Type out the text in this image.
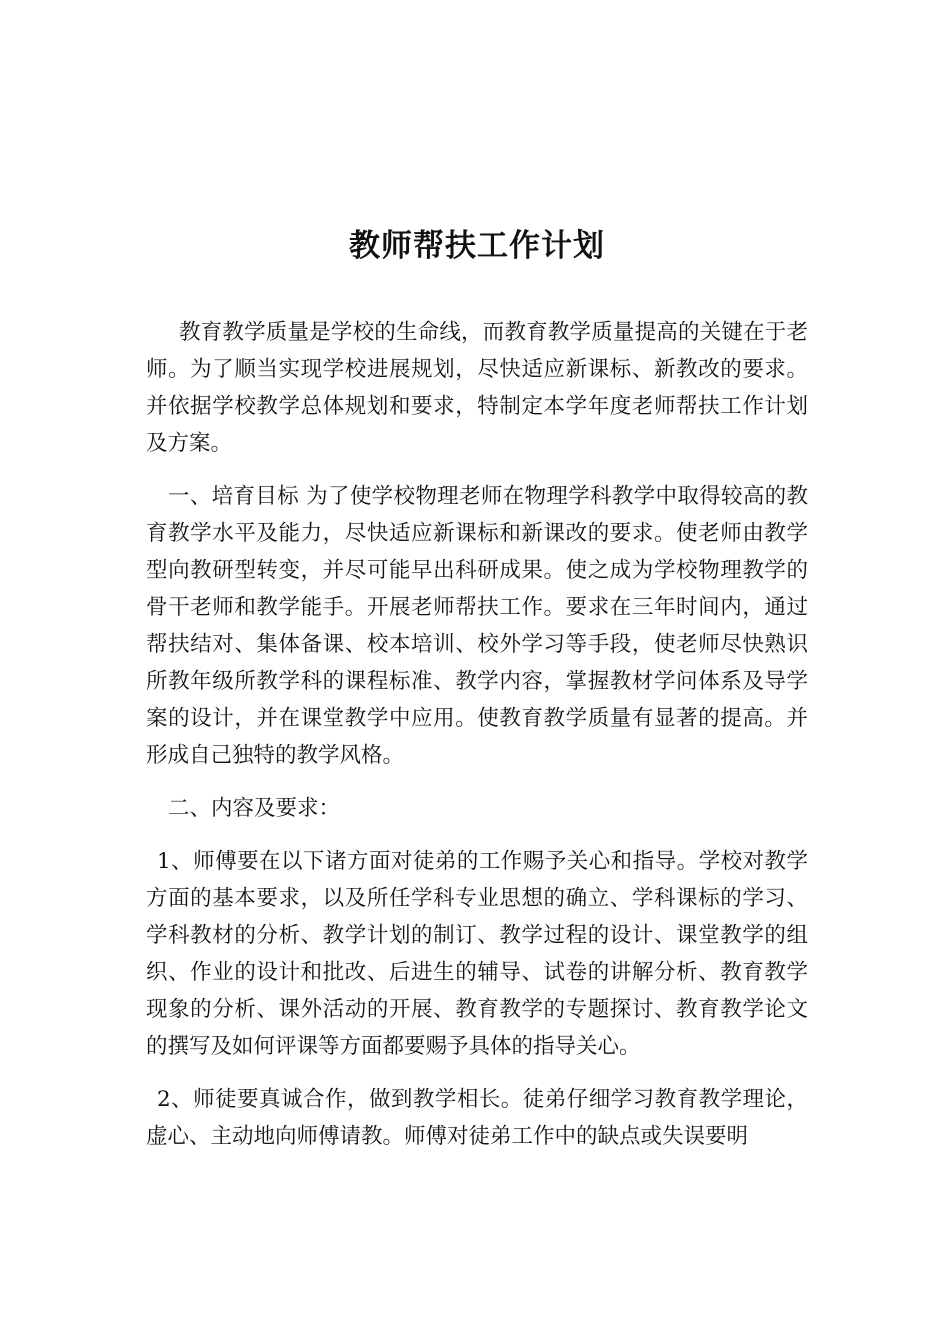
教师帮扶工作计划

教育教学质量是学校的生命线，而教育教学质量提高的关键在于老师。为了顺当实现学校进展规划，尽快适应新课标、新教改的要求。并依据学校教学总体规划和要求，特制定本学年度老师帮扶工作计划及方案。

一、培育目标 为了使学校物理老师在物理学科教学中取得较高的教育教学水平及能力，尽快适应新课标和新课改的要求。使老师由教学型向教研型转变，并尽可能早出科研成果。使之成为学校物理教学的骨干老师和教学能手。开展老师帮扶工作。要求在三年时间内，通过帮扶结对、集体备课、校本培训、校外学习等手段，使老师尽快熟识所教年级所教学科的课程标准、教学内容，掌握教材学问体系及导学案的设计，并在课堂教学中应用。使教育教学质量有显著的提高。并形成自己独特的教学风格。

二、内容及要求：

1、师傅要在以下诸方面对徒弟的工作赐予关心和指导。学校对教学方面的基本要求，以及所任学科专业思想的确立、学科课标的学习、学科教材的分析、教学计划的制订、教学过程的设计、课堂教学的组织、作业的设计和批改、后进生的辅导、试卷的讲解分析、教育教学现象的分析、课外活动的开展、教育教学的专题探讨、教育教学论文的撰写及如何评课等方面都要赐予具体的指导关心。

2、师徒要真诚合作，做到教学相长。徒弟仔细学习教育教学理论，虚心、主动地向师傅请教。师傅对徒弟工作中的缺点或失误要明
